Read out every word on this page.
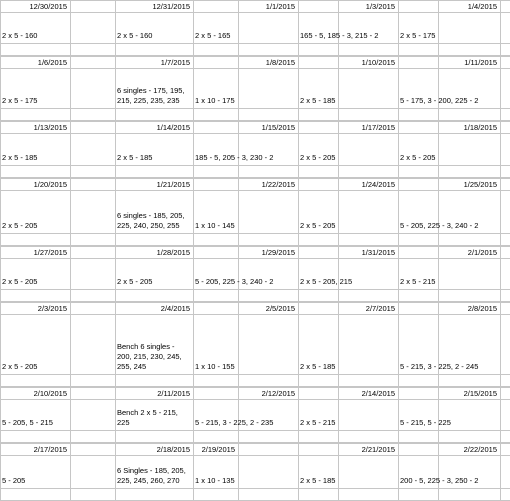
12/30/2015
2 x 5 - 160
12/31/2015
2 x 5 - 160
1/1/2015
2 x 5 - 165
1/3/2015
165 - 5, 185 - 3, 215 - 2
1/4/2015
2 x 5 - 175
1/6/2015
2 x 5 - 175
1/7/2015
6 singles - 175, 195, 215, 225, 235, 235
1/8/2015
1 x 10 - 175
1/10/2015
2 x 5 - 185
1/11/2015
5 - 175, 3 - 200, 225 - 2
1/13/2015
2 x 5 - 185
1/14/2015
2 x 5 - 185
1/15/2015
185 - 5, 205 - 3, 230 - 2
1/17/2015
2 x 5 - 205
1/18/2015
2 x 5 - 205
1/20/2015
2 x 5 - 205
1/21/2015
6 singles - 185, 205, 225, 240, 250, 255
1/22/2015
1 x 10 - 145
1/24/2015
2 x 5 - 205
1/25/2015
5 - 205, 225 - 3, 240 - 2
1/27/2015
2 x 5 - 205
1/28/2015
2 x 5 - 205
1/29/2015
5 - 205, 225 - 3, 240 - 2
1/31/2015
2 x 5 - 205, 215
2/1/2015
2 x 5 - 215
2/3/2015
2 x 5 - 205
2/4/2015
Bench 6 singles - 200, 215, 230, 245, 255, 245
2/5/2015
1 x 10 - 155
2/7/2015
2 x 5 - 185
2/8/2015
5 - 215, 3 - 225, 2 - 245
2/10/2015
5 - 205, 5 - 215
2/11/2015
Bench 2 x 5 - 215, 225
2/12/2015
5 - 215, 3 - 225, 2 - 235
2/14/2015
2 x 5 - 215
2/15/2015
5 - 215, 5 - 225
2/17/2015
5 - 205
2/18/2015
6 Singles - 185, 205, 225, 245, 260, 270
2/19/2015
1 x 10 - 135
2/21/2015
2 x 5 - 185
2/22/2015
200 - 5, 225 - 3, 250 - 2
